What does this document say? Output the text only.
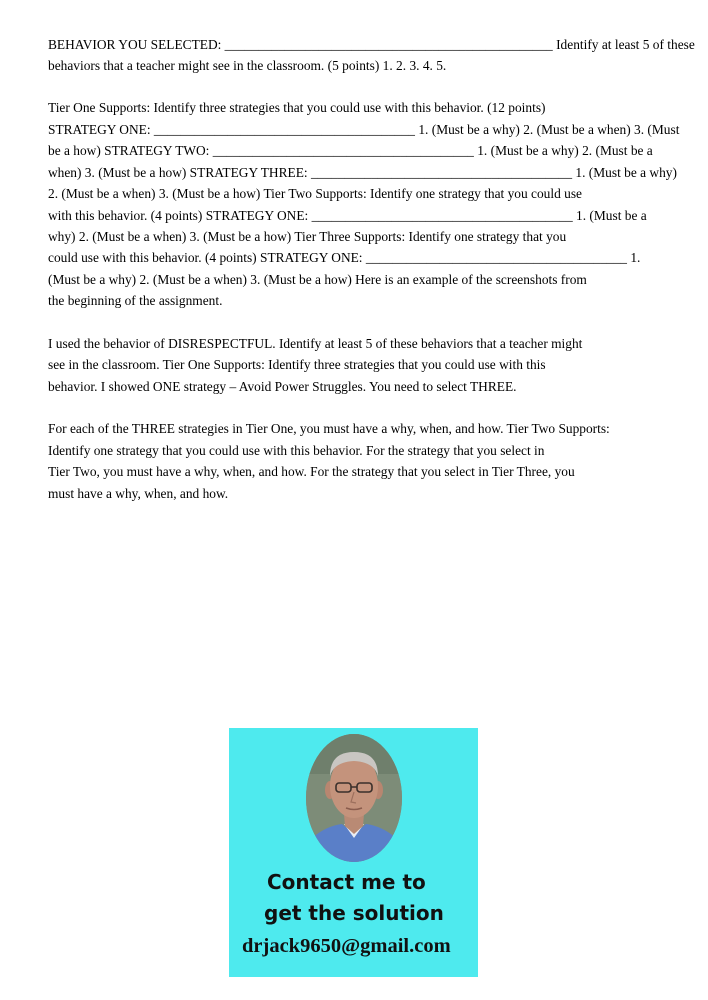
BEHAVIOR YOU SELECTED: _________________________________________________ Identify at least 5 of these
behaviors that a teacher might see in the classroom. (5 points) 1. 2. 3. 4. 5.
Tier One Supports: Identify three strategies that you could use with this behavior. (12 points)
STRATEGY ONE: _______________________________________ 1. (Must be a why) 2. (Must be a when) 3. (Must
be a how) STRATEGY TWO: _______________________________________ 1. (Must be a why) 2. (Must be a
when) 3. (Must be a how) STRATEGY THREE: _______________________________________ 1. (Must be a why)
2. (Must be a when) 3. (Must be a how) Tier Two Supports: Identify one strategy that you could use
with this behavior. (4 points) STRATEGY ONE: _______________________________________ 1. (Must be a
why) 2. (Must be a when) 3. (Must be a how) Tier Three Supports: Identify one strategy that you
could use with this behavior. (4 points) STRATEGY ONE: _______________________________________ 1.
(Must be a why) 2. (Must be a when) 3. (Must be a how) Here is an example of the screenshots from
the beginning of the assignment.
I used the behavior of DISRESPECTFUL. Identify at least 5 of these behaviors that a teacher might
see in the classroom. Tier One Supports: Identify three strategies that you could use with this
behavior. I showed ONE strategy – Avoid Power Struggles. You need to select THREE.
For each of the THREE strategies in Tier One, you must have a why, when, and how. Tier Two Supports:
Identify one strategy that you could use with this behavior. For the strategy that you select in
Tier Two, you must have a why, when, and how. For the strategy that you select in Tier Three, you
must have a why, when, and how.
Contact me to
get the solution
drjack9650@gmail.com
